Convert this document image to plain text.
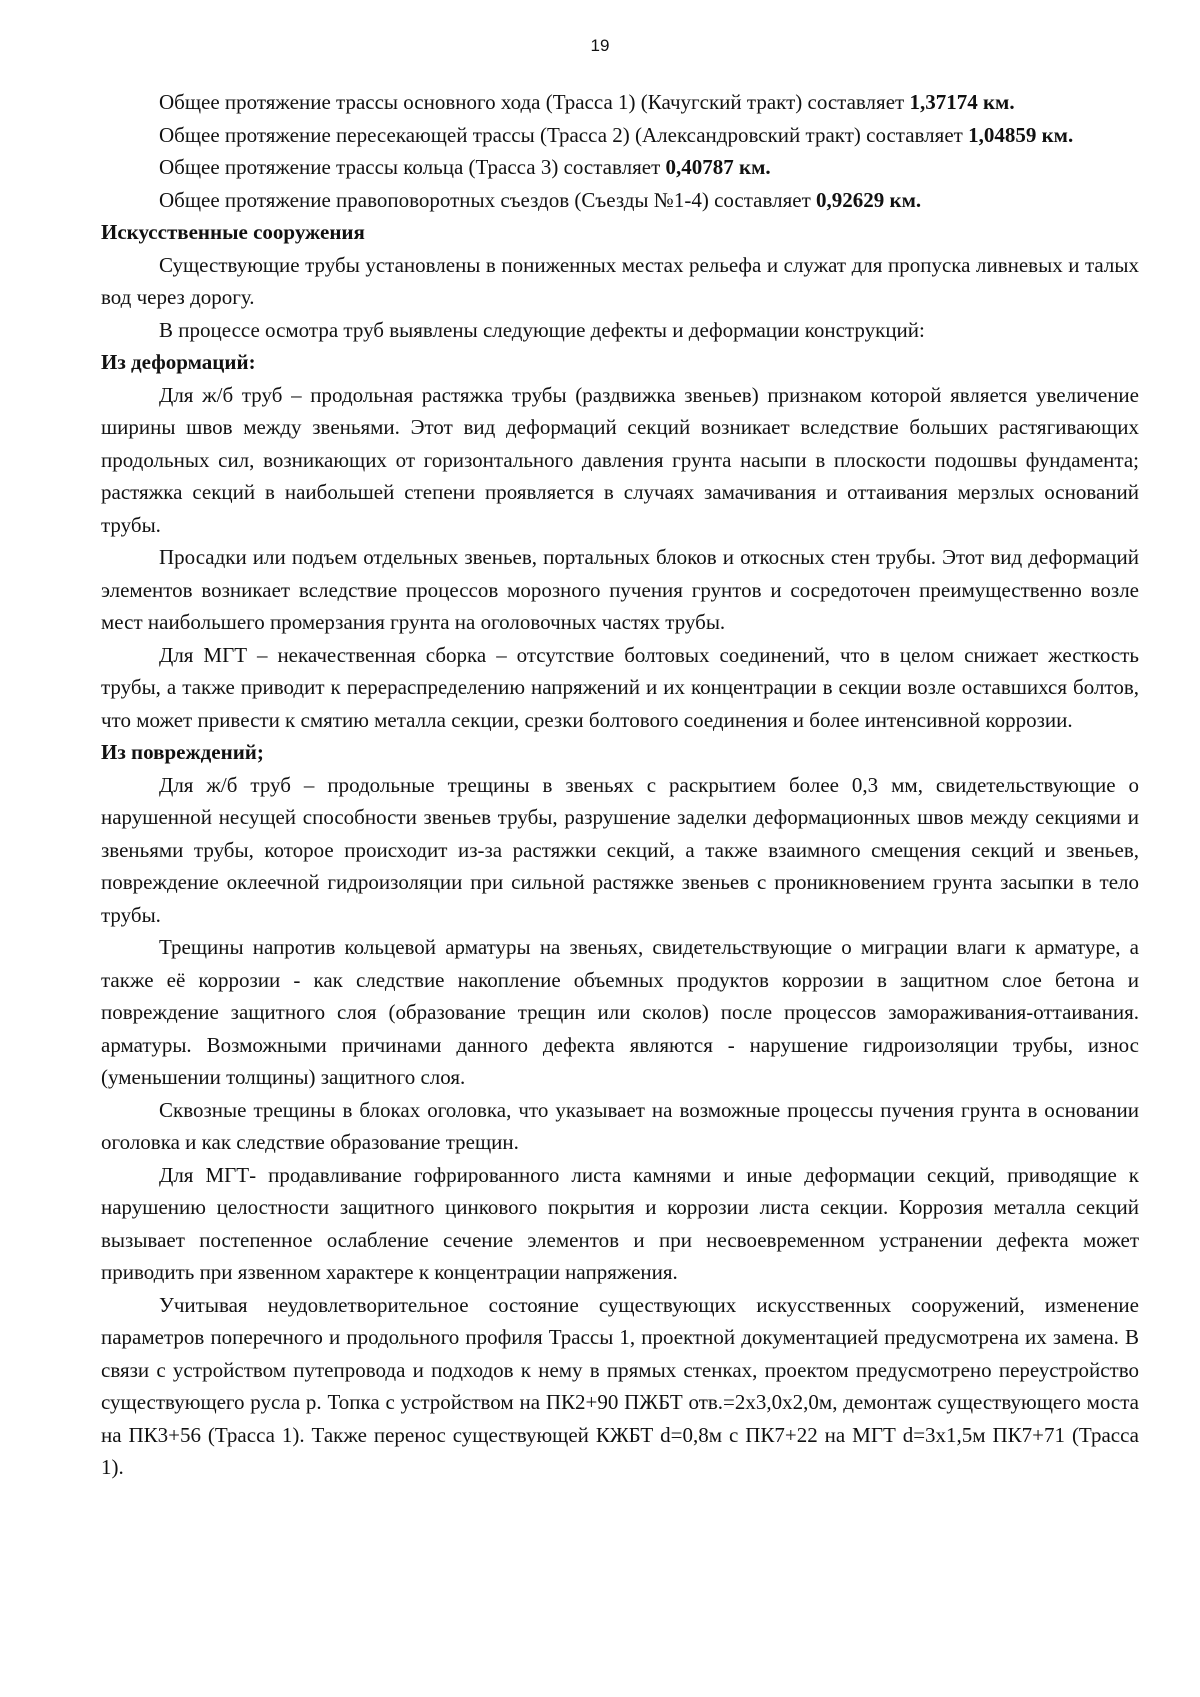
19

Общее протяжение трассы основного хода (Трасса 1) (Качугский тракт) составляет 1,37174 км.

Общее протяжение пересекающей трассы (Трасса 2) (Александровский тракт) составляет 1,04859 км.

Общее протяжение трассы кольца (Трасса 3) составляет 0,40787 км.

Общее протяжение правоповоротных съездов (Съезды №1-4) составляет 0,92629 км.

Искусственные сооружения

Существующие трубы установлены в пониженных местах рельефа и служат для пропуска ливневых и талых вод через дорогу.

В процессе осмотра труб выявлены следующие дефекты и деформации конструкций:

Из деформаций:

Для ж/б труб – продольная растяжка трубы (раздвижка звеньев) признаком которой является увеличение ширины швов между звеньями. Этот вид деформаций секций возникает вследствие больших растягивающих продольных сил, возникающих от горизонтального давления грунта насыпи в плоскости подошвы фундамента; растяжка секций в наибольшей степени проявляется в случаях замачивания и оттаивания мерзлых оснований трубы.

Просадки или подъем отдельных звеньев, портальных блоков и откосных стен трубы. Этот вид деформаций элементов возникает вследствие процессов морозного пучения грунтов и сосредоточен преимущественно возле мест наибольшего промерзания грунта на оголовочных частях трубы.

Для МГТ – некачественная сборка – отсутствие болтовых соединений, что в целом снижает жесткость трубы, а также приводит к перераспределению напряжений и их концентрации в секции возле оставшихся болтов, что может привести к смятию металла секции, срезки болтового соединения и более интенсивной коррозии.

Из повреждений;

Для ж/б труб – продольные трещины в звеньях с раскрытием более 0,3 мм, свидетельствующие о нарушенной несущей способности звеньев трубы, разрушение заделки деформационных швов между секциями и звеньями трубы, которое происходит из-за растяжки секций, а также взаимного смещения секций и звеньев, повреждение оклеечной гидроизоляции при сильной растяжке звеньев с проникновением грунта засыпки в тело трубы.

Трещины напротив кольцевой арматуры на звеньях, свидетельствующие о миграции влаги к арматуре, а также её коррозии - как следствие накопление объемных продуктов коррозии в защитном слое бетона и повреждение защитного слоя (образование трещин или сколов) после процессов замораживания-оттаивания. арматуры. Возможными причинами данного дефекта являются - нарушение гидроизоляции трубы, износ (уменьшении толщины) защитного слоя.

Сквозные трещины в блоках оголовка, что указывает на возможные процессы пучения грунта в основании оголовка и как следствие образование трещин.

Для МГТ- продавливание гофрированного листа камнями и иные деформации секций, приводящие к нарушению целостности защитного цинкового покрытия и коррозии листа секции. Коррозия металла секций вызывает постепенное ослабление сечение элементов и при несвоевременном устранении дефекта может приводить при язвенном характере к концентрации напряжения.

Учитывая неудовлетворительное состояние существующих искусственных сооружений, изменение параметров поперечного и продольного профиля Трассы 1, проектной документацией предусмотрена их замена. В связи с устройством путепровода и подходов к нему в прямых стенках, проектом предусмотрено переустройство существующего русла р. Топка с устройством на ПК2+90 ПЖБТ отв.=2х3,0х2,0м, демонтаж существующего моста на ПК3+56 (Трасса 1). Также перенос существующей КЖБТ d=0,8м с ПК7+22 на МГТ d=3х1,5м ПК7+71 (Трасса 1).
